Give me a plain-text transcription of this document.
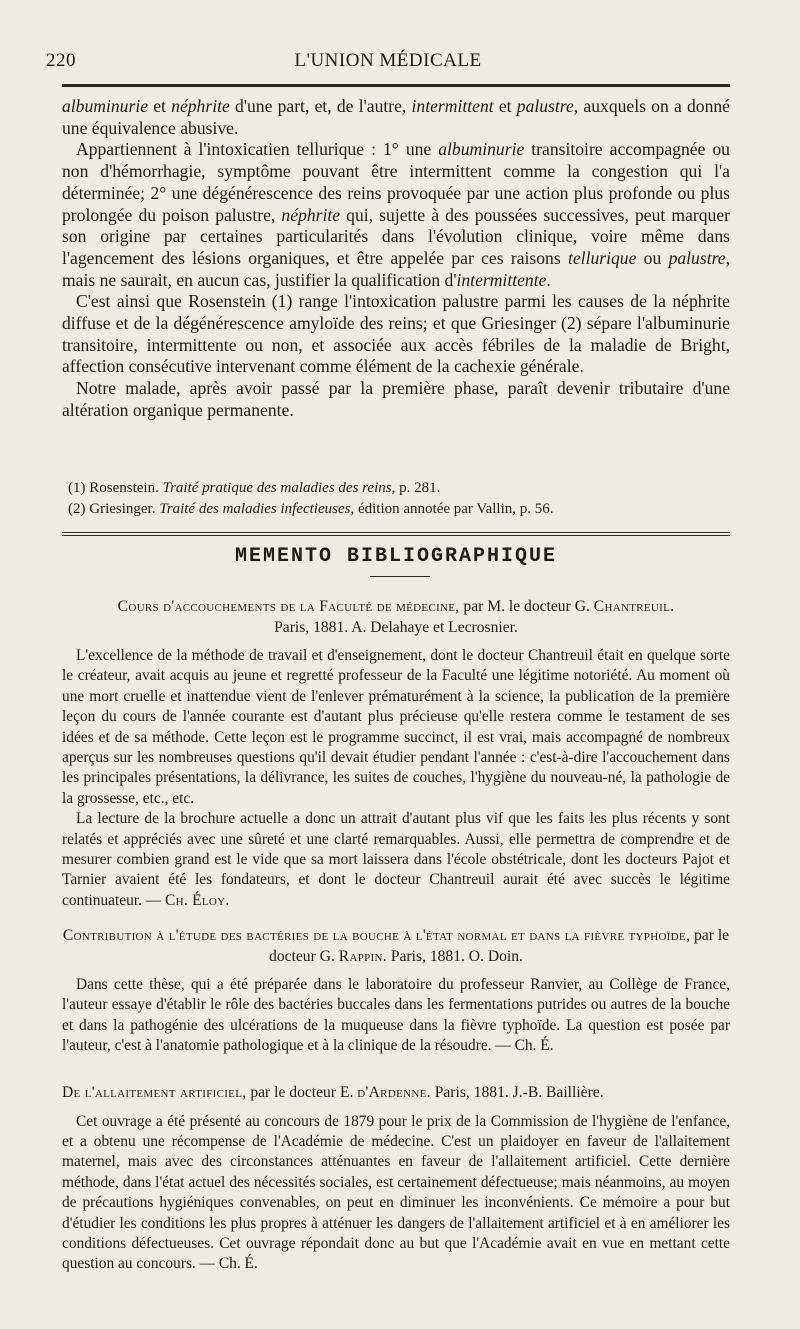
220	L'UNION MÉDICALE

albuminurie et néphrite d'une part, et, de l'autre, intermittent et palustre, auxquels on a donné une équivalence abusive.

Appartiennent à l'intoxicatien tellurique : 1° une albuminurie transitoire accompagnée ou non d'hémorrhagie, symptôme pouvant être intermittent comme la congestion qui l'a déterminée; 2° une dégénérescence des reins provoquée par une action plus profonde ou plus prolongée du poison palustre, néphrite qui, sujette à des poussées successives, peut marquer son origine par certaines particularités dans l'évolution clinique, voire même dans l'agencement des lésions organiques, et être appelée par ces raisons tellurique ou palustre, mais ne saurait, en aucun cas, justifier la qualification d'intermittente.

C'est ainsi que Rosenstein (1) range l'intoxication palustre parmi les causes de la néphrite diffuse et de la dégénérescence amyloïde des reins; et que Griesinger (2) sépare l'albuminurie transitoire, intermittente ou non, et associée aux accès fébriles de la maladie de Bright, affection consécutive intervenant comme élément de la cachexie générale.

Notre malade, après avoir passé par la première phase, paraît devenir tributaire d'une altération organique permanente.

(1) Rosenstein. Traité pratique des maladies des reins, p. 281.

(2) Griesinger. Traité des maladies infectieuses, édition annotée par Vallin, p. 56.

MEMENTO BIBLIOGRAPHIQUE

Cours d'accouchements de la Faculté de médecine, par M. le docteur G. Chantreuil.

Paris, 1881. A. Delahaye et Lecrosnier.

L'excellence de la méthode de travail et d'enseignement, dont le docteur Chantreuil était en quelque sorte le créateur, avait acquis au jeune et regretté professeur de la Faculté une légitime notoriété. Au moment où une mort cruelle et inattendue vient de l'enlever prématurément à la science, la publication de la première leçon du cours de l'année courante est d'autant plus précieuse qu'elle restera comme le testament de ses idées et de sa méthode. Cette leçon est le programme succinct, il est vrai, mais accompagné de nombreux aperçus sur les nombreuses questions qu'il devait étudier pendant l'année : c'est-à-dire l'accouchement dans les principales présentations, la délivrance, les suites de couches, l'hygiène du nouveau-né, la pathologie de la grossesse, etc., etc.

La lecture de la brochure actuelle a donc un attrait d'autant plus vif que les faits les plus récents y sont relatés et appréciés avec une sûreté et une clarté remarquables. Aussi, elle permettra de comprendre et de mesurer combien grand est le vide que sa mort laissera dans l'école obstétricale, dont les docteurs Pajot et Tarnier avaient été les fondateurs, et dont le docteur Chantreuil aurait été avec succès le légitime continuateur. — Ch. Éloy.

Contribution à l'étude des bactéries de la bouche à l'état normal et dans la fièvre typhoïde, par le docteur G. Rappin. Paris, 1881. O. Doin.

Dans cette thèse, qui a été préparée dans le laboratoire du professeur Ranvier, au Collège de France, l'auteur essaye d'établir le rôle des bactéries buccales dans les fermentations putrides ou autres de la bouche et dans la pathogénie des ulcérations de la muqueuse dans la fièvre typhoïde. La question est posée par l'auteur, c'est à l'anatomie pathologique et à la clinique de la résoudre. — Ch. É.

De l'allaitement artificiel, par le docteur E. d'Ardenne. Paris, 1881. J.-B. Baillière.

Cet ouvrage a été présenté au concours de 1879 pour le prix de la Commission de l'hygiène de l'enfance, et a obtenu une récompense de l'Académie de médecine. C'est un plaidoyer en faveur de l'allaitement maternel, mais avec des circonstances atténuantes en faveur de l'allaitement artificiel. Cette dernière méthode, dans l'état actuel des nécessités sociales, est certainement défectueuse; mais néanmoins, au moyen de précautions hygiéniques convenables, on peut en diminuer les inconvénients. Ce mémoire a pour but d'étudier les conditions les plus propres à atténuer les dangers de l'allaitement artificiel et à en améliorer les conditions défectueuses. Cet ouvrage répondait donc au but que l'Académie avait en vue en mettant cette question au concours. — Ch. É.
